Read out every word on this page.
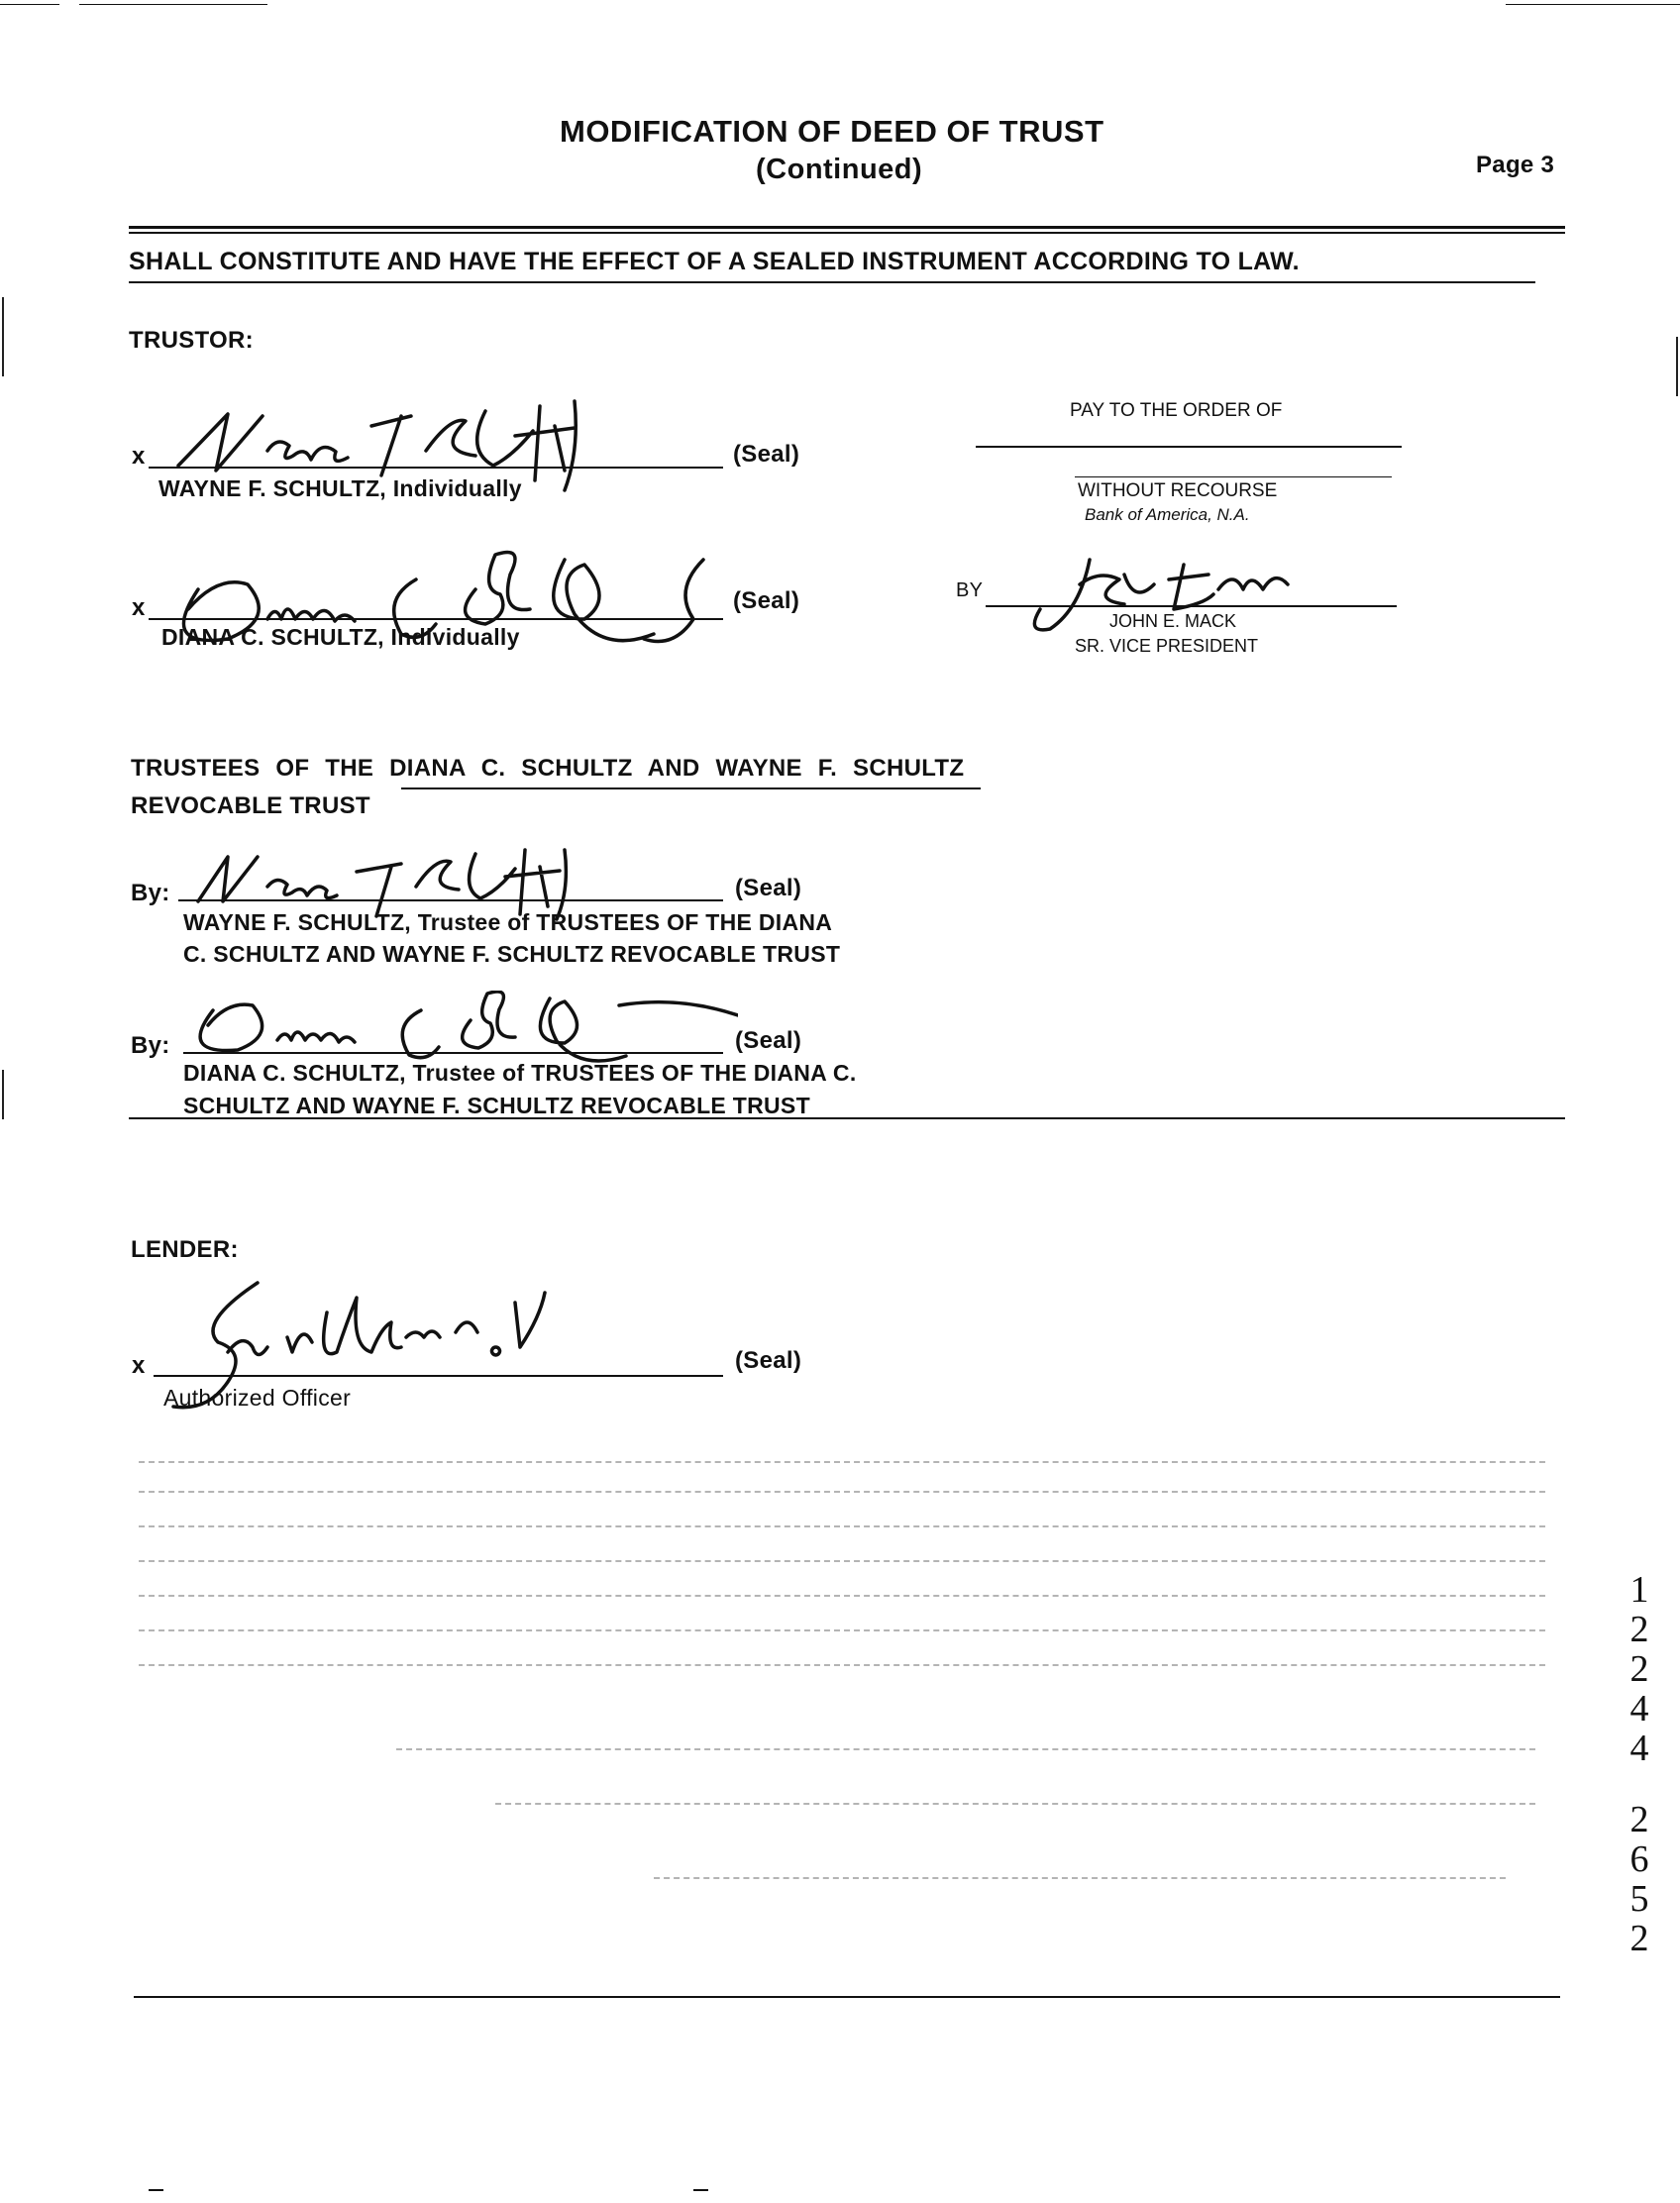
MODIFICATION OF DEED OF TRUST
(Continued)	Page 3
SHALL CONSTITUTE AND HAVE THE EFFECT OF A SEALED INSTRUMENT ACCORDING TO LAW.
TRUSTOR:
x	(Seal)
WAYNE F. SCHULTZ, Individually
x	(Seal)
DIANA C. SCHULTZ, Individually
PAY TO THE ORDER OF
WITHOUT RECOURSE
Bank of America, N.A.
BY
JOHN E. MACK
SR. VICE PRESIDENT
TRUSTEES OF THE DIANA C. SCHULTZ AND WAYNE F. SCHULTZ
REVOCABLE TRUST
By:	(Seal)
WAYNE F. SCHULTZ, Trustee of TRUSTEES OF THE DIANA
C. SCHULTZ AND WAYNE F. SCHULTZ REVOCABLE TRUST
By:	(Seal)
DIANA C. SCHULTZ, Trustee of TRUSTEES OF THE DIANA C.
SCHULTZ AND WAYNE F. SCHULTZ REVOCABLE TRUST
LENDER:
x	(Seal)
Authorized Officer
1
2
2
4
4
2
6
5
2
